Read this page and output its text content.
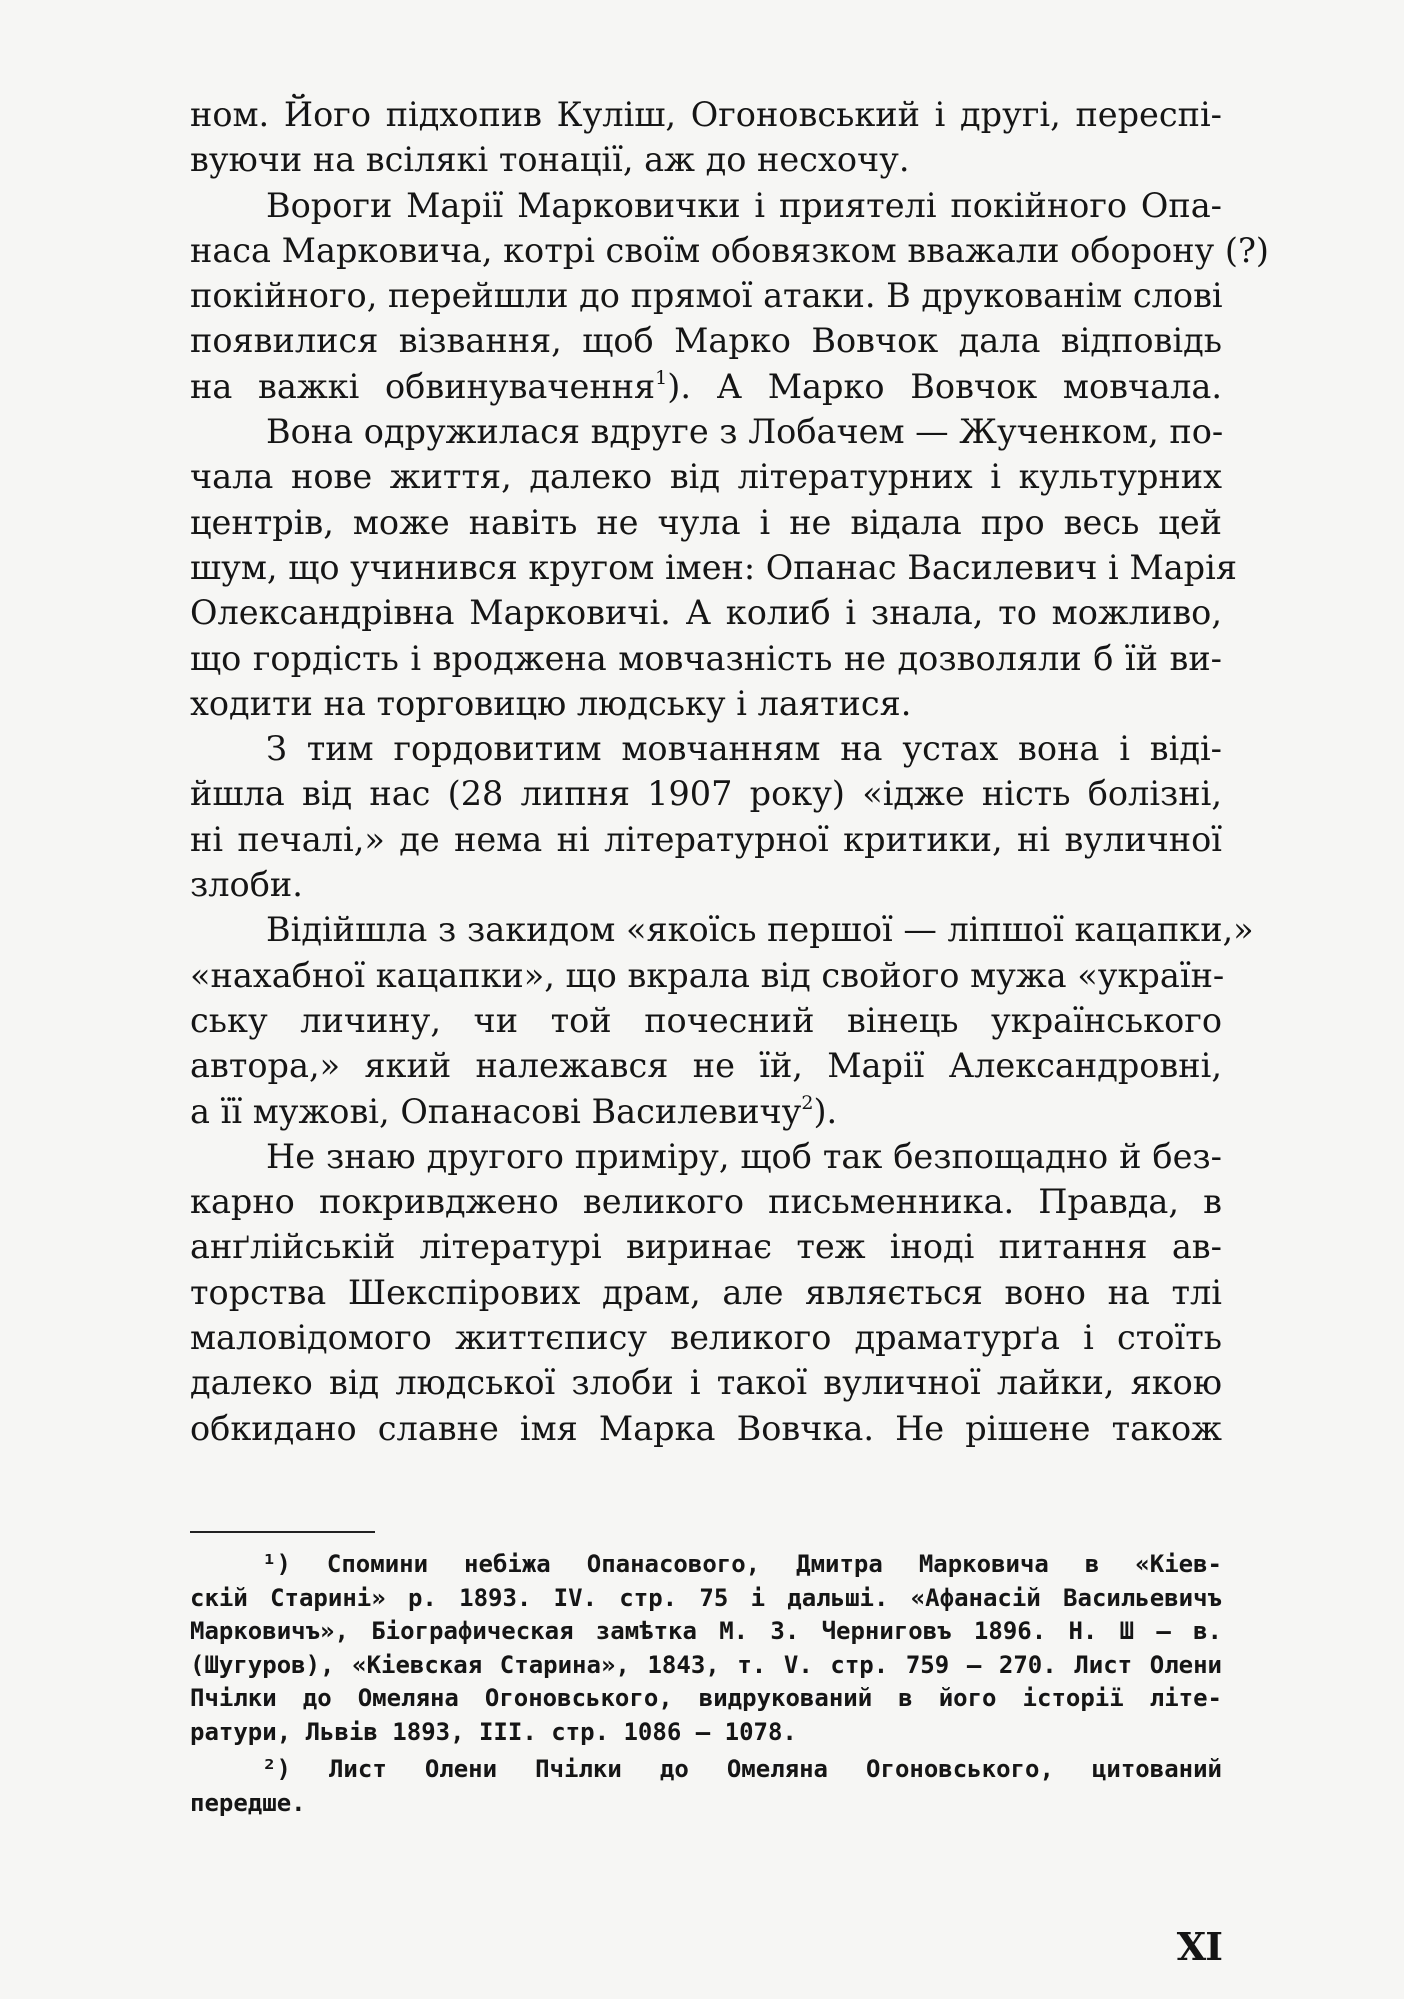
ном. Його підхопив Куліш, Огоновський і другі, переспі-
вуючи на всілякі тонації, аж до несхочу.

Вороги Марії Марковички і приятелі покійного Опа-
наса Марковича, котрі своїм обовязком вважали оборону (?)
покійного, перейшли до прямої атаки. В друкованім слові
появилися візвання, щоб Марко Вовчок дала відповідь
на важкі обвинувачення$^1$). А Марко Вовчок мовчала.

Вона одружилася вдруге з Лобачем — Жученком, по-
чала нове життя, далеко від літературних і культурних
центрів, може навіть не чула і не відала про весь цей
шум, що учинився кругом імен: Опанас Василевич і Марія
Олександрівна Марковичі. А колиб і знала, то можливо,
що гордість і вроджена мовчазність не дозволяли б їй ви-
ходити на торговицю людську і лаятися.

З тим гордовитим мовчанням на устах вона і віді-
йшла від нас (28 липня 1907 року) «іджe ність болізні,
ні печалі,» де нема ні літературної критики, ні вуличної
злоби.

Відійшла з закидом «якоїсь першої — ліпшої кацапки,»
«нахабної кацапки», що вкрала від свойого мужа «україн-
ську личину, чи той почесний вінець українського
автора,» який належався не їй, Марії Александровні,
а її мужові, Опанасові Василевичу$^2$).

Не знаю другого приміру, щоб так безпощадно й без-
карно покривджено великого письменника. Правда, в
анґлійській літературі виринає теж іноді питання ав-
торства Шекспірових драм, але являється воно на тлі
маловідомого життєпису великого драматурґа і стоїть
далеко від людської злоби і такої вуличної лайки, якою
обкидано славне імя Марка Вовчка. Не рішене також

¹) Спомини небіжа Опанасового, Дмитра Марковича в «Кіев-
скій Старині» р. 1893. IV. стр. 75 і дальші. «Афанасій Васильевичъ
Марковичъ», Біографическая замѣтка М. З. Черниговъ 1896. Н. Ш — в.
(Шугуров), «Кіевская Старина», 1843, т. V. стр. 759 — 270. Лист Олени
Пчілки до Омеляна Огоновського, видрукований в його історії літе-
ратури, Львів 1893, III. стр. 1086 — 1078.

²) Лист Олени Пчілки до Омеляна Огоновського, цитований
передше.

XI
